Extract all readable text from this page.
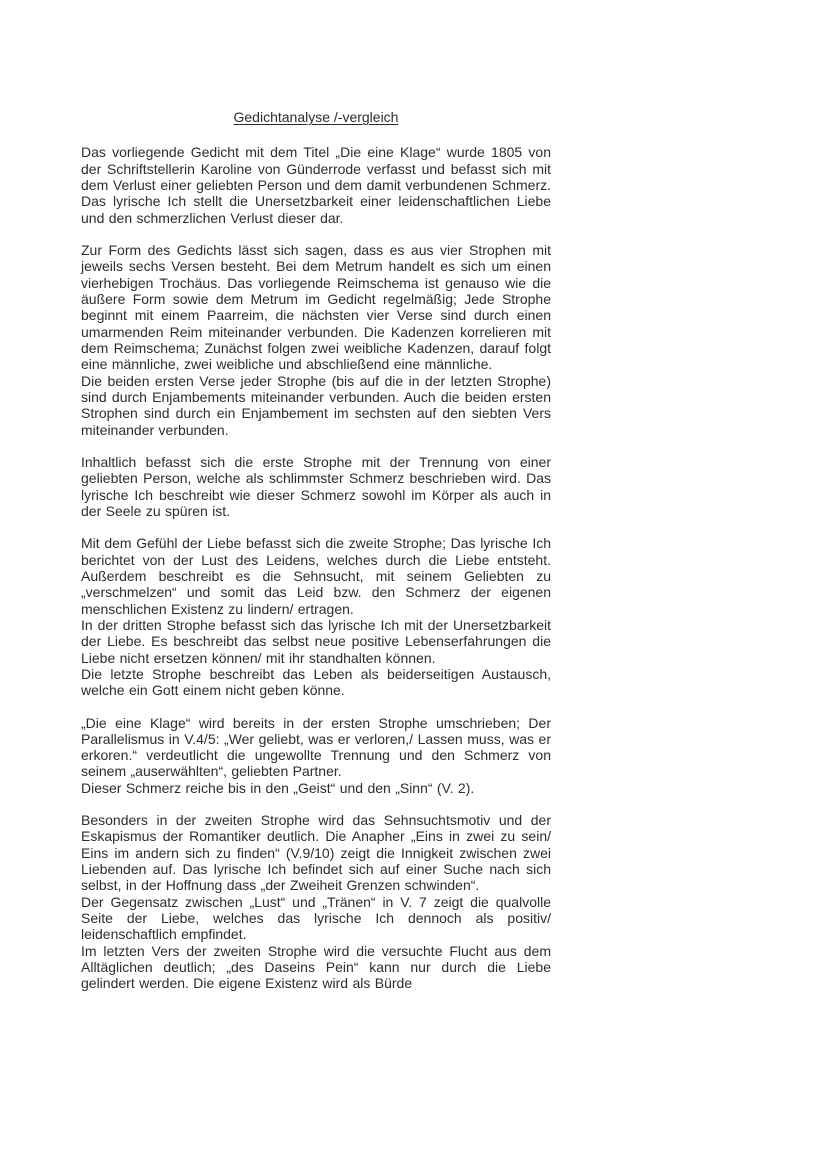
Gedichtanalyse /-vergleich

Das vorliegende Gedicht mit dem Titel „Die eine Klage“ wurde 1805 von der Schriftstellerin Karoline von Günderrode verfasst und befasst sich mit dem Verlust einer geliebten Person und dem damit verbundenen Schmerz. Das lyrische Ich stellt die Unersetzbarkeit einer leidenschaftlichen Liebe und den schmerzlichen Verlust dieser dar.

Zur Form des Gedichts lässt sich sagen, dass es aus vier Strophen mit jeweils sechs Versen besteht. Bei dem Metrum handelt es sich um einen vierhebigen Trochäus. Das vorliegende Reimschema ist genauso wie die äußere Form sowie dem Metrum im Gedicht regelmäßig; Jede Strophe beginnt mit einem Paarreim, die nächsten vier Verse sind durch einen umarmenden Reim miteinander verbunden. Die Kadenzen korrelieren mit dem Reimschema; Zunächst folgen zwei weibliche Kadenzen, darauf folgt eine männliche, zwei weibliche und abschließend eine männliche.

Die beiden ersten Verse jeder Strophe (bis auf die in der letzten Strophe) sind durch Enjambements miteinander verbunden. Auch die beiden ersten Strophen sind durch ein Enjambement im sechsten auf den siebten Vers miteinander verbunden.

Inhaltlich befasst sich die erste Strophe mit der Trennung von einer geliebten Person, welche als schlimmster Schmerz beschrieben wird. Das lyrische Ich beschreibt wie dieser Schmerz sowohl im Körper als auch in der Seele zu spüren ist.

Mit dem Gefühl der Liebe befasst sich die zweite Strophe; Das lyrische Ich berichtet von der Lust des Leidens, welches durch die Liebe entsteht. Außerdem beschreibt es die Sehnsucht, mit seinem Geliebten zu „verschmelzen“ und somit das Leid bzw. den Schmerz der eigenen menschlichen Existenz zu lindern/ ertragen.

In der dritten Strophe befasst sich das lyrische Ich mit der Unersetzbarkeit der Liebe. Es beschreibt das selbst neue positive Lebenserfahrungen die Liebe nicht ersetzen können/ mit ihr standhalten können.

Die letzte Strophe beschreibt das Leben als beiderseitigen Austausch, welche ein Gott einem nicht geben könne.

„Die eine Klage“ wird bereits in der ersten Strophe umschrieben; Der Parallelismus in V.4/5: „Wer geliebt, was er verloren,/ Lassen muss, was er erkoren.“ verdeutlicht die ungewollte Trennung und den Schmerz von seinem „auserwählten“, geliebten Partner.

Dieser Schmerz reiche bis in den „Geist“ und den „Sinn“ (V. 2).

Besonders in der zweiten Strophe wird das Sehnsuchtsmotiv und der Eskapismus der Romantiker deutlich. Die Anapher „Eins in zwei zu sein/ Eins im andern sich zu finden“ (V.9/10) zeigt die Innigkeit zwischen zwei Liebenden auf. Das lyrische Ich befindet sich auf einer Suche nach sich selbst, in der Hoffnung dass „der Zweiheit Grenzen schwinden“.

Der Gegensatz zwischen „Lust“ und „Tränen“ in V. 7 zeigt die qualvolle Seite der Liebe, welches das lyrische Ich dennoch als positiv/ leidenschaftlich empfindet.

Im letzten Vers der zweiten Strophe wird die versuchte Flucht aus dem Alltäglichen deutlich; „des Daseins Pein“ kann nur durch die Liebe gelindert werden. Die eigene Existenz wird als Bürde
